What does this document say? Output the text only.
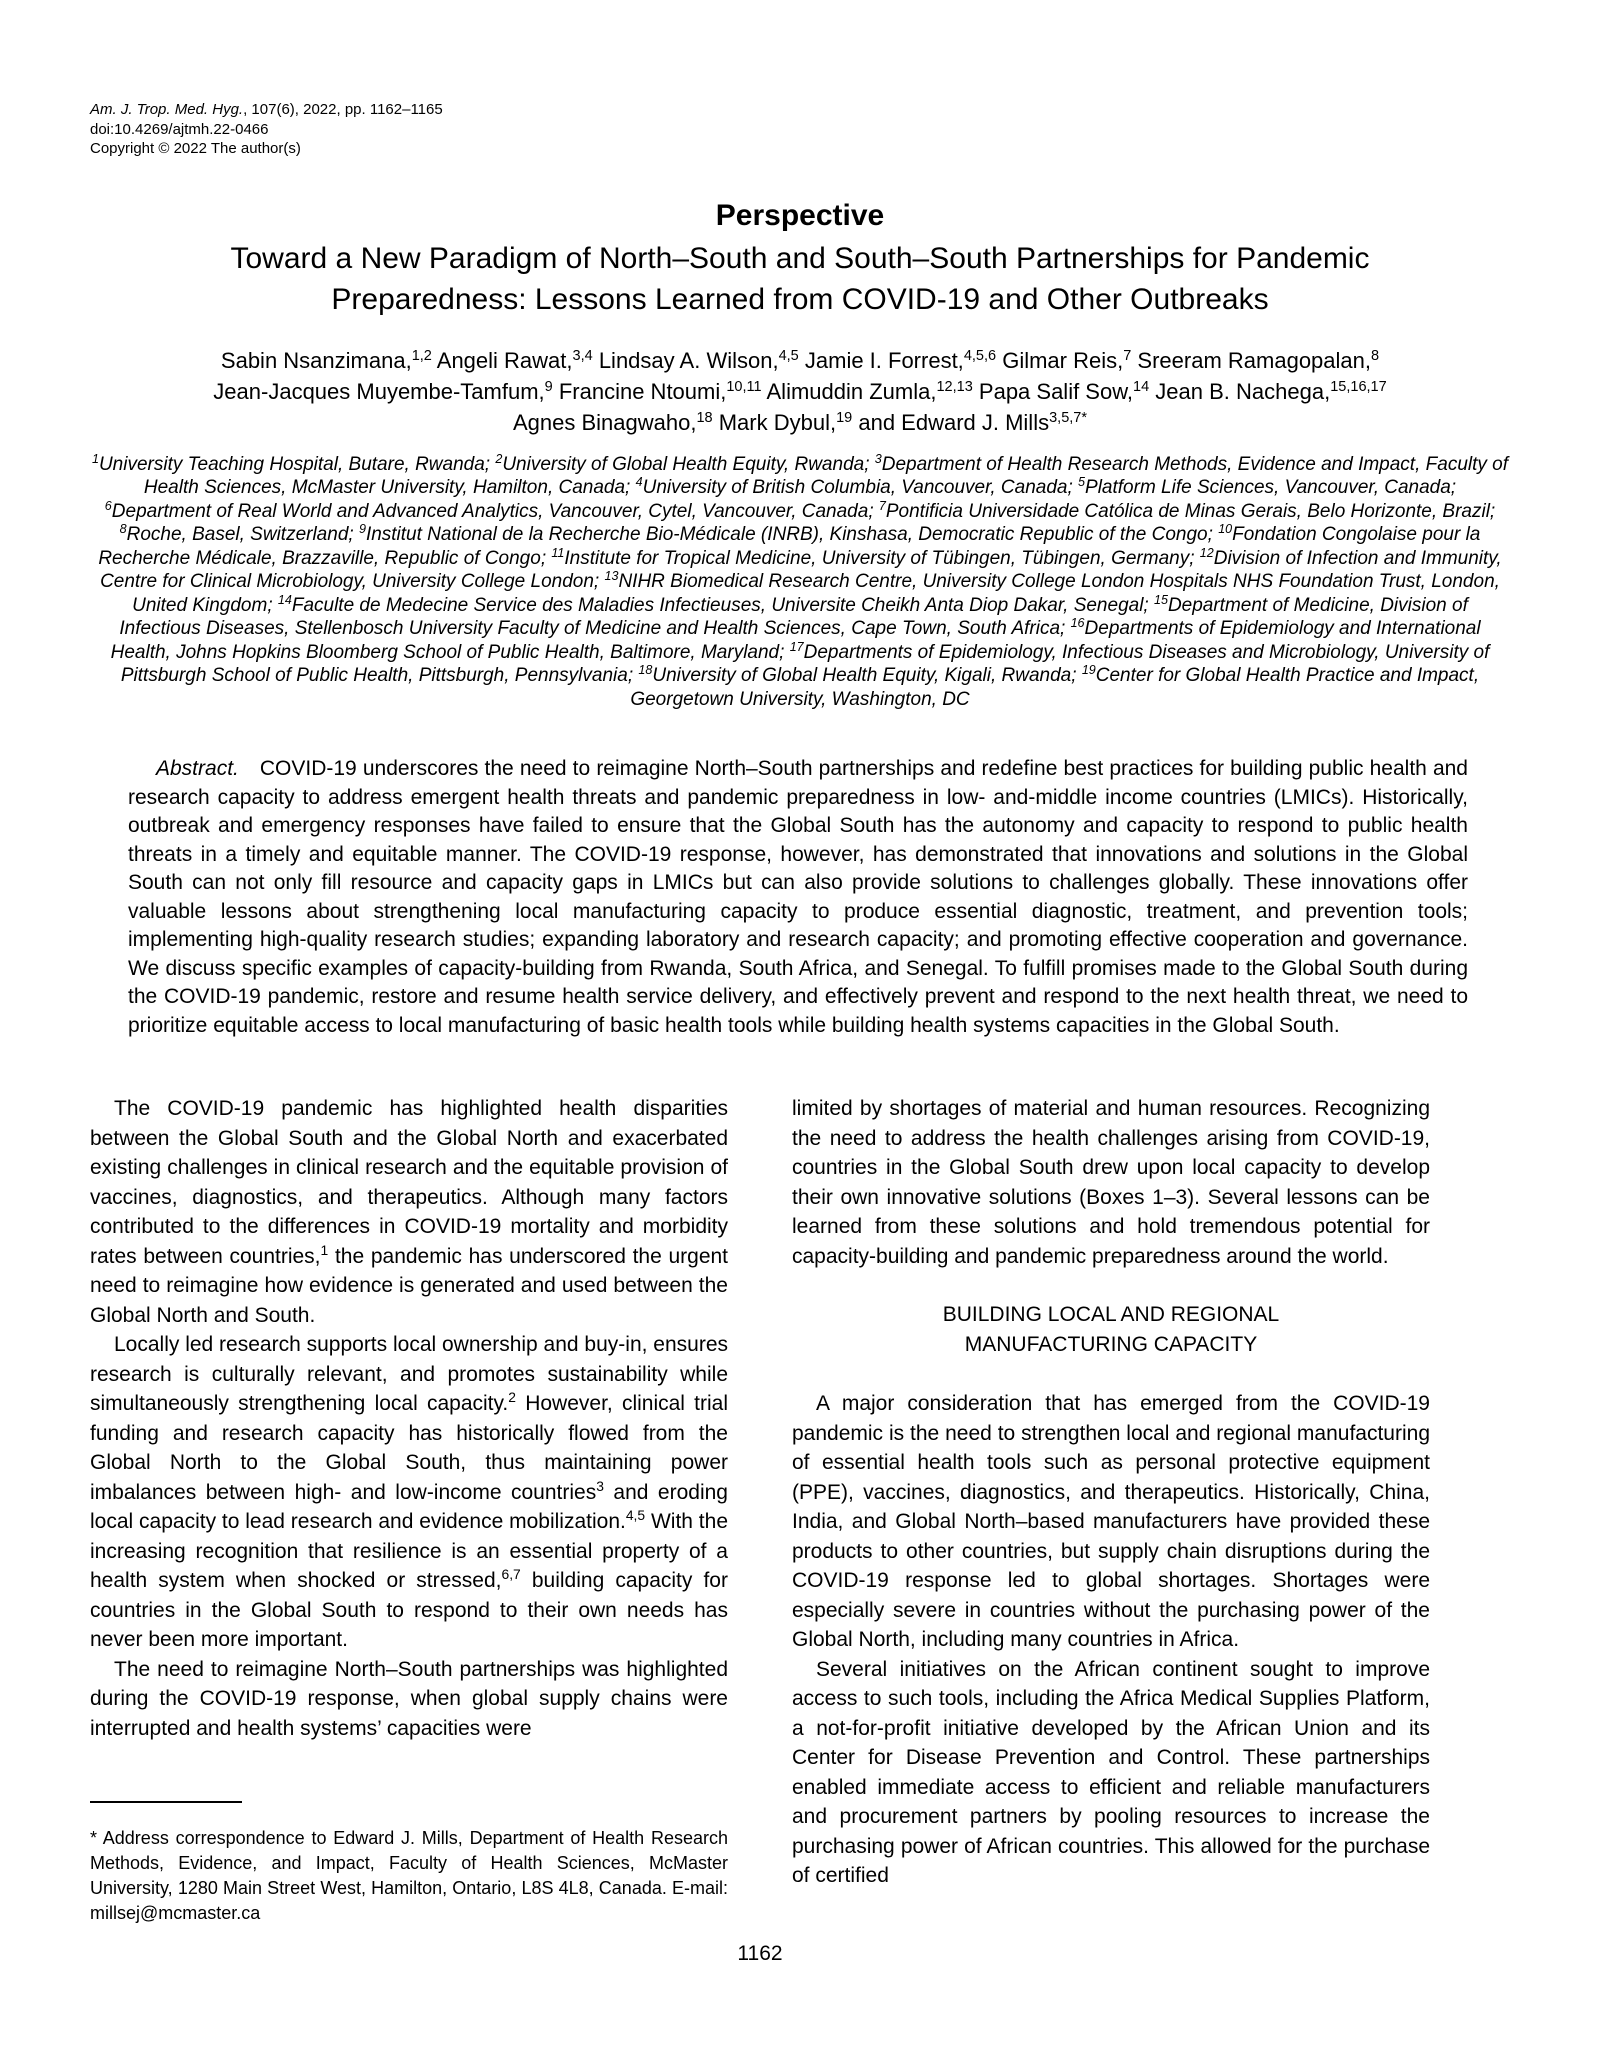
Am. J. Trop. Med. Hyg., 107(6), 2022, pp. 1162–1165
doi:10.4269/ajtmh.22-0466
Copyright © 2022 The author(s)
Perspective
Toward a New Paradigm of North–South and South–South Partnerships for Pandemic Preparedness: Lessons Learned from COVID-19 and Other Outbreaks
Sabin Nsanzimana,$^{1,2}$ Angeli Rawat,$^{3,4}$ Lindsay A. Wilson,$^{4,5}$ Jamie I. Forrest,$^{4,5,6}$ Gilmar Reis,$^7$ Sreeram Ramagopalan,$^8$
Jean-Jacques Muyembe-Tamfum,$^9$ Francine Ntoumi,$^{10,11}$ Alimuddin Zumla,$^{12,13}$ Papa Salif Sow,$^{14}$ Jean B. Nachega,$^{15,16,17}$
Agnes Binagwaho,$^{18}$ Mark Dybul,$^{19}$ and Edward J. Mills$^{3,5,7*}$
$^1$University Teaching Hospital, Butare, Rwanda; $^2$University of Global Health Equity, Rwanda; $^3$Department of Health Research Methods, Evidence and Impact, Faculty of Health Sciences, McMaster University, Hamilton, Canada; $^4$University of British Columbia, Vancouver, Canada; $^5$Platform Life Sciences, Vancouver, Canada; $^6$Department of Real World and Advanced Analytics, Vancouver, Cytel, Vancouver, Canada; $^7$Pontificia Universidade Católica de Minas Gerais, Belo Horizonte, Brazil; $^8$Roche, Basel, Switzerland; $^9$Institut National de la Recherche Bio-Médicale (INRB), Kinshasa, Democratic Republic of the Congo; $^{10}$Fondation Congolaise pour la Recherche Médicale, Brazzaville, Republic of Congo; $^{11}$Institute for Tropical Medicine, University of Tübingen, Tübingen, Germany; $^{12}$Division of Infection and Immunity, Centre for Clinical Microbiology, University College London; $^{13}$NIHR Biomedical Research Centre, University College London Hospitals NHS Foundation Trust, London, United Kingdom; $^{14}$Faculte de Medecine Service des Maladies Infectieuses, Universite Cheikh Anta Diop Dakar, Senegal; $^{15}$Department of Medicine, Division of Infectious Diseases, Stellenbosch University Faculty of Medicine and Health Sciences, Cape Town, South Africa; $^{16}$Departments of Epidemiology and International Health, Johns Hopkins Bloomberg School of Public Health, Baltimore, Maryland; $^{17}$Departments of Epidemiology, Infectious Diseases and Microbiology, University of Pittsburgh School of Public Health, Pittsburgh, Pennsylvania; $^{18}$University of Global Health Equity, Kigali, Rwanda; $^{19}$Center for Global Health Practice and Impact, Georgetown University, Washington, DC

Abstract. COVID-19 underscores the need to reimagine North–South partnerships and redefine best practices for building public health and research capacity to address emergent health threats and pandemic preparedness in low- and-middle income countries (LMICs). Historically, outbreak and emergency responses have failed to ensure that the Global South has the autonomy and capacity to respond to public health threats in a timely and equitable manner. The COVID-19 response, however, has demonstrated that innovations and solutions in the Global South can not only fill resource and capacity gaps in LMICs but can also provide solutions to challenges globally. These innovations offer valuable lessons about strengthening local manufacturing capacity to produce essential diagnostic, treatment, and prevention tools; implementing high-quality research studies; expanding laboratory and research capacity; and promoting effective cooperation and governance. We discuss specific examples of capacity-building from Rwanda, South Africa, and Senegal. To fulfill promises made to the Global South during the COVID-19 pandemic, restore and resume health service delivery, and effectively prevent and respond to the next health threat, we need to prioritize equitable access to local manufacturing of basic health tools while building health systems capacities in the Global South.

The COVID-19 pandemic has highlighted health disparities between the Global South and the Global North and exacerbated existing challenges in clinical research and the equitable provision of vaccines, diagnostics, and therapeutics. Although many factors contributed to the differences in COVID-19 mortality and morbidity rates between countries,$^1$ the pandemic has underscored the urgent need to reimagine how evidence is generated and used between the Global North and South.

Locally led research supports local ownership and buy-in, ensures research is culturally relevant, and promotes sustainability while simultaneously strengthening local capacity.$^2$ However, clinical trial funding and research capacity has historically flowed from the Global North to the Global South, thus maintaining power imbalances between high- and low-income countries$^3$ and eroding local capacity to lead research and evidence mobilization.$^{4,5}$ With the increasing recognition that resilience is an essential property of a health system when shocked or stressed,$^{6,7}$ building capacity for countries in the Global South to respond to their own needs has never been more important.

The need to reimagine North–South partnerships was highlighted during the COVID-19 response, when global supply chains were interrupted and health systems’ capacities were

* Address correspondence to Edward J. Mills, Department of Health Research Methods, Evidence, and Impact, Faculty of Health Sciences, McMaster University, 1280 Main Street West, Hamilton, Ontario, L8S 4L8, Canada. E-mail: millsej@mcmaster.ca

limited by shortages of material and human resources. Recognizing the need to address the health challenges arising from COVID-19, countries in the Global South drew upon local capacity to develop their own innovative solutions (Boxes 1–3). Several lessons can be learned from these solutions and hold tremendous potential for capacity-building and pandemic preparedness around the world.

BUILDING LOCAL AND REGIONAL MANUFACTURING CAPACITY

A major consideration that has emerged from the COVID-19 pandemic is the need to strengthen local and regional manufacturing of essential health tools such as personal protective equipment (PPE), vaccines, diagnostics, and therapeutics. Historically, China, India, and Global North–based manufacturers have provided these products to other countries, but supply chain disruptions during the COVID-19 response led to global shortages. Shortages were especially severe in countries without the purchasing power of the Global North, including many countries in Africa.

Several initiatives on the African continent sought to improve access to such tools, including the Africa Medical Supplies Platform, a not-for-profit initiative developed by the African Union and its Center for Disease Prevention and Control. These partnerships enabled immediate access to efficient and reliable manufacturers and procurement partners by pooling resources to increase the purchasing power of African countries. This allowed for the purchase of certified

1162
